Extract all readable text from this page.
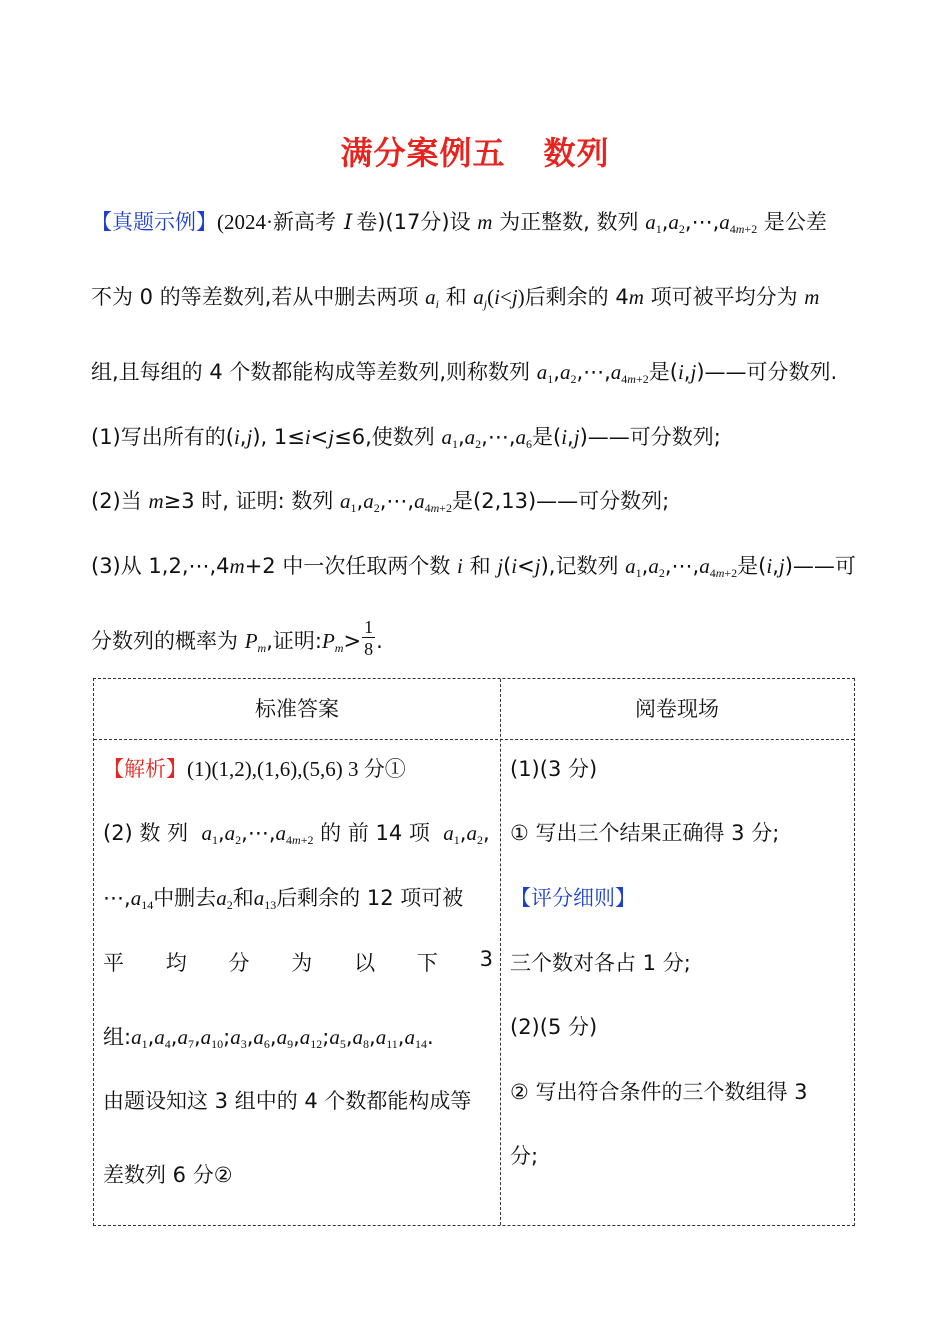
满分案例五 数列
【真题示例】(2024·新高考 Ⅰ 卷)(17分)设 m 为正整数, 数列 $a_1,a_2,\cdots,a_{4m+2}$ 是公差
不为 0 的等差数列,若从中删去两项 $a_i$ 和 $a_j(i<j)$后剩余的 4m 项可被平均分为 m
组,且每组的 4 个数都能构成等差数列,则称数列 $a_1,a_2,\cdots,a_{4m+2}$是(i,j)——可分数列.
(1)写出所有的(i,j), 1≤i<j≤6,使数列 $a_1,a_2,\cdots,a_6$是(i,j)——可分数列;
(2)当 m≥3 时, 证明: 数列 $a_1,a_2,\cdots,a_{4m+2}$是(2,13)——可分数列;
(3)从 1,2,⋯,4m+2 中一次任取两个数 i 和 j(i<j),记数列 $a_1,a_2,\cdots,a_{4m+2}$是(i,j)——可
分数列的概率为 $P_m$,证明$:P_m> \frac{1}{8}$ .
标准答案	阅卷现场
【解析】(1)(1,2),(1,6),(5,6) 3 分①
(2) 数 列 $a_1,a_2,\cdots,a_{4m+2}$ 的 前 14 项 $a_1,a_2$,
$\cdots,a_{14}$中删去$a_2$和$a_{13}$后剩余的 12 项可被
平 均 分 为 以 下 3
组$:a_1,a_4,a_7,a_{10};a_3,a_6,a_9,a_{12};a_5,a_8,a_{11},a_{14}$.
由题设知这 3 组中的 4 个数都能构成等
差数列 6 分②
(1)(3 分)
① 写出三个结果正确得 3 分;
【评分细则】
三个数对各占 1 分;
(2)(5 分)
② 写出符合条件的三个数组得 3
分;
